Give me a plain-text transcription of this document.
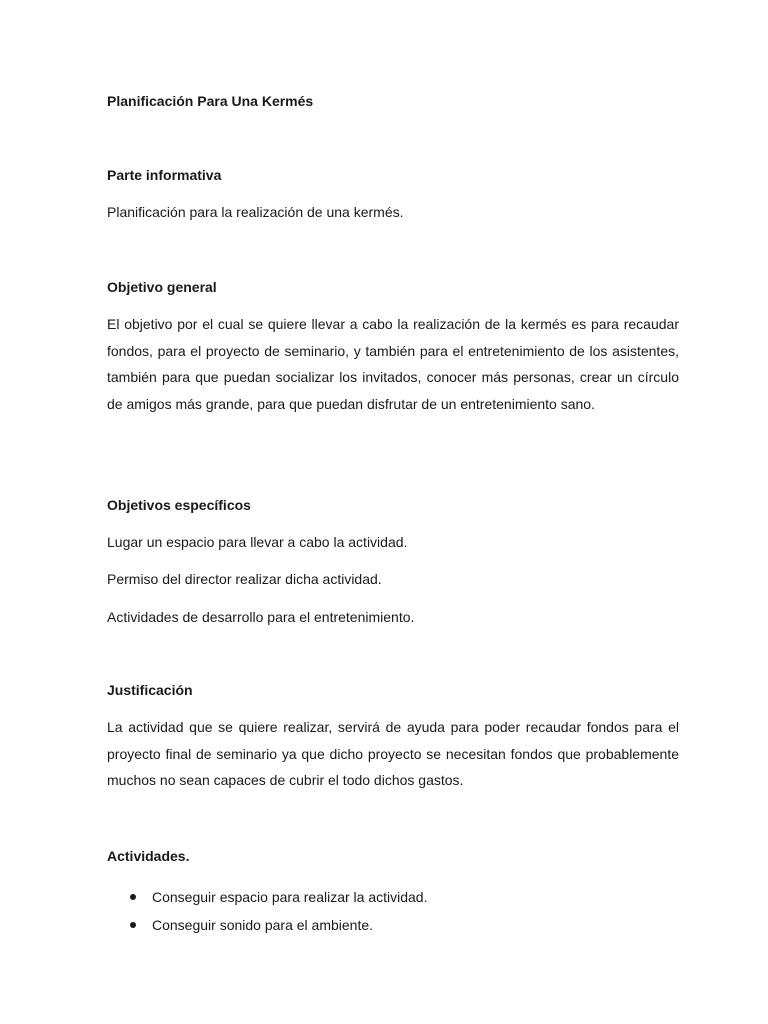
Planificación Para Una Kermés
Parte informativa

Planificación para la realización de una kermés.

Objetivo general

El objetivo por el cual se quiere llevar a cabo la realización de la kermés es para recaudar fondos, para el proyecto de seminario, y también para el entretenimiento de los asistentes, también para que puedan socializar los invitados, conocer más personas, crear un círculo de amigos más grande, para que puedan disfrutar de un entretenimiento sano.

Objetivos específicos

Lugar un espacio para llevar a cabo la actividad.

Permiso del director realizar dicha actividad.

Actividades de desarrollo para el entretenimiento.

Justificación

La actividad que se quiere realizar, servirá de ayuda para poder recaudar fondos para el proyecto final de seminario ya que dicho proyecto se necesitan fondos que probablemente muchos no sean capaces de cubrir el todo dichos gastos.

Actividades.
Conseguir espacio para realizar la actividad.
Conseguir sonido para el ambiente.
